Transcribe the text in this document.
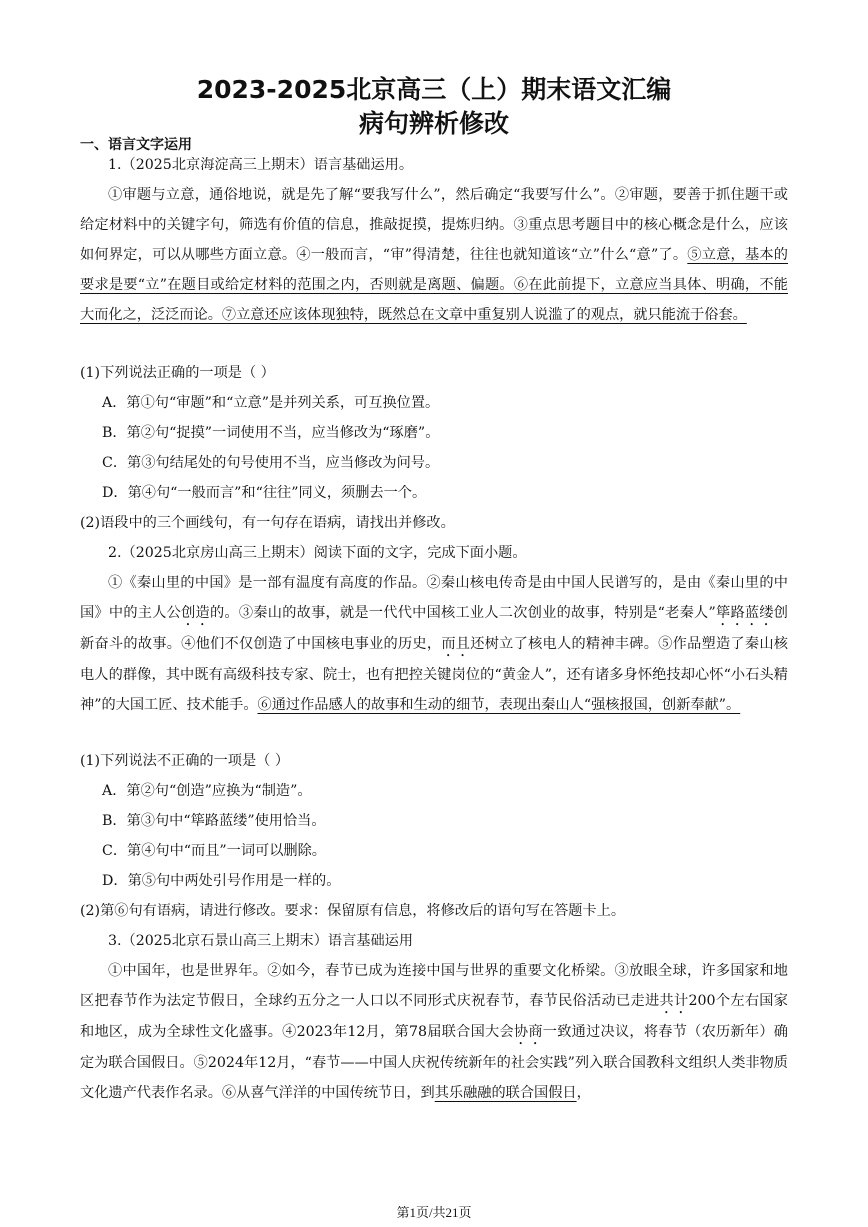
2023-2025北京高三（上）期末语文汇编
病句辨析修改
一、语言文字运用
1.（2025北京海淀高三上期末）语言基础运用。
①审题与立意，通俗地说，就是先了解“要我写什么”，然后确定“我要写什么”。②审题，要善于抓住题干或给定材料中的关键字句，筛选有价值的信息，推敲捉摸，提炼归纳。③重点思考题目中的核心概念是什么，应该如何界定，可以从哪些方面立意。④一般而言，“审”得清楚，往往也就知道该“立”什么“意”了。⑤立意，基本的要求是要“立”在题目或给定材料的范围之内，否则就是离题、偏题。⑥在此前提下，立意应当具体、明确，不能大而化之，泛泛而论。⑦立意还应该体现独特，既然总在文章中重复别人说滥了的观点，就只能流于俗套。
(1)下列说法正确的一项是（ ）
A．第①句“审题”和“立意”是并列关系，可互换位置。
B．第②句“捉摸”一词使用不当，应当修改为“琢磨”。
C．第③句结尾处的句号使用不当，应当修改为问号。
D．第④句“一般而言”和“往往”同义，须删去一个。
(2)语段中的三个画线句，有一句存在语病，请找出并修改。
2.（2025北京房山高三上期末）阅读下面的文字，完成下面小题。
①《秦山里的中国》是一部有温度有高度的作品。②秦山核电传奇是由中国人民谱写的，是由《秦山里的中国》中的主人公创造的。③秦山的故事，就是一代代中国核工业人二次创业的故事，特别是“老秦人”筚路蓝缕创新奋斗的故事。④他们不仅创造了中国核电事业的历史，而且还树立了核电人的精神丰碑。⑤作品塑造了秦山核电人的群像，其中既有高级科技专家、院士，也有把控关键岗位的“黄金人”，还有诸多身怀绝技却心怀“小石头精神”的大国工匠、技术能手。⑥通过作品感人的故事和生动的细节，表现出秦山人“强核报国，创新奉献”。
(1)下列说法不正确的一项是（ ）
A．第②句“创造”应换为“制造”。
B．第③句中“筚路蓝缕”使用恰当。
C．第④句中“而且”一词可以删除。
D．第⑤句中两处引号作用是一样的。
(2)第⑥句有语病，请进行修改。要求：保留原有信息，将修改后的语句写在答题卡上。
3.（2025北京石景山高三上期末）语言基础运用
①中国年，也是世界年。②如今，春节已成为连接中国与世界的重要文化桥梁。③放眼全球，许多国家和地区把春节作为法定节假日，全球约五分之一人口以不同形式庆祝春节，春节民俗活动已走进共计200个左右国家和地区，成为全球性文化盛事。④2023年12月，第78届联合国大会协商一致通过决议，将春节（农历新年）确定为联合国假日。⑤2024年12月，“春节——中国人庆祝传统新年的社会实践”列入联合国教科文组织人类非物质文化遗产代表作名录。⑥从喜气洋洋的中国传统节日，到其乐融融的联合国假日，
第1页/共21页
